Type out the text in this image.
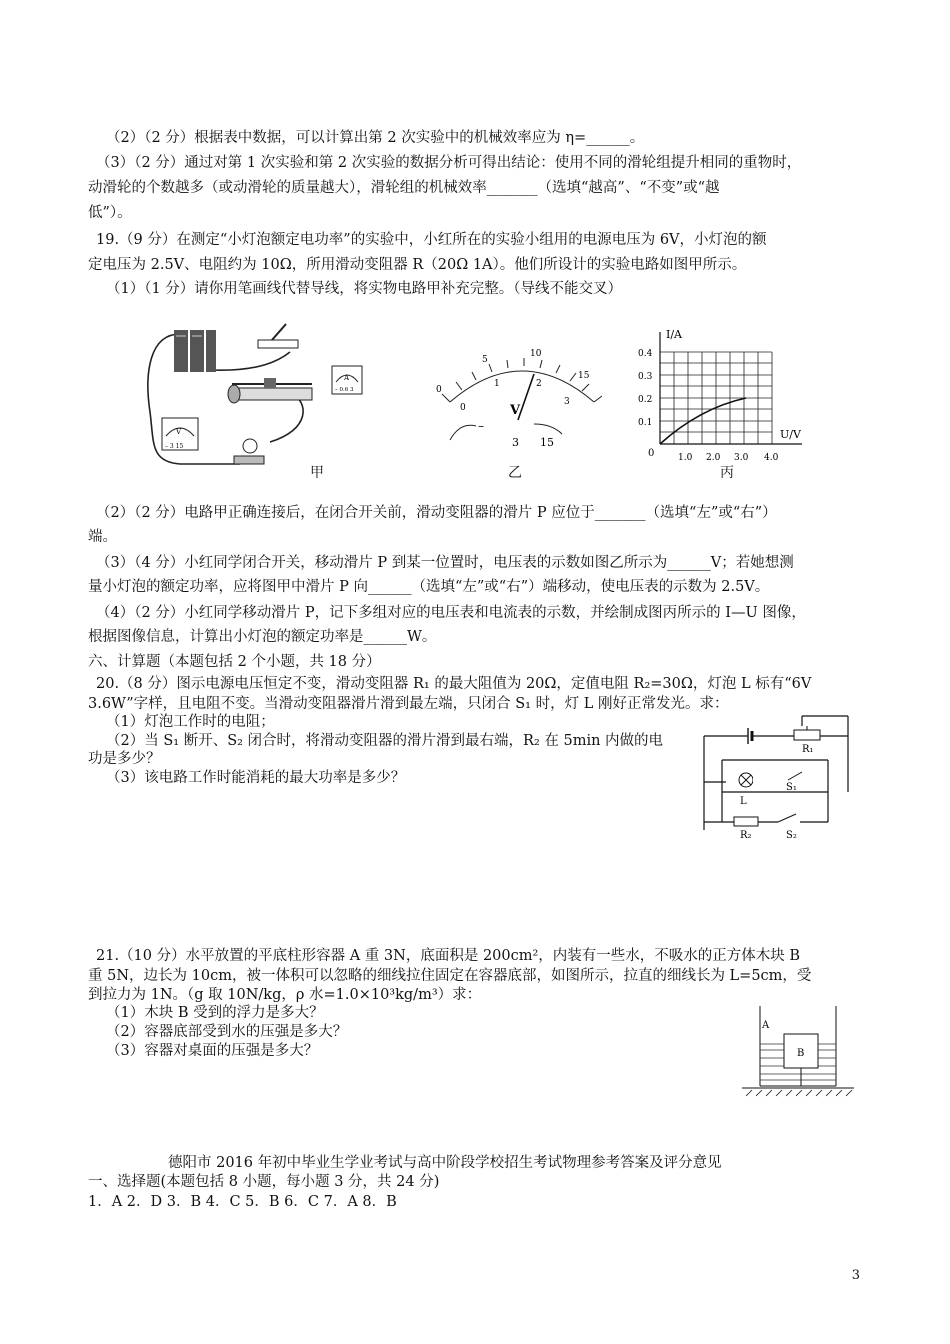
（2）（2 分）根据表中数据，可以计算出第 2 次实验中的机械效率应为 η=______。
（3）（2 分）通过对第 1 次实验和第 2 次实验的数据分析可得出结论：使用不同的滑轮组提升相同的重物时，
动滑轮的个数越多（或动滑轮的质量越大），滑轮组的机械效率_______（选填“越高”、“不变”或“越
低”）。
19.（9 分）在测定“小灯泡额定电功率”的实验中，小红所在的实验小组用的电源电压为 6V，小灯泡的额
定电压为 2.5V、电阻约为 10Ω，所用滑动变阻器 R（20Ω 1A）。他们所设计的实验电路如图甲所示。
（1）（1 分）请你用笔画线代替导线，将实物电路甲补充完整。（导线不能交叉）
V
– 3 15
A
– 0.6 3
甲
0
1	2
3
0
5
10
15
V
–
3 15
乙
I/A
U/V
0.4
0.3
0.2
0.1
0	1.0 2.0 3.0 4.0
丙
（2）（2 分）电路甲正确连接后，在闭合开关前，滑动变阻器的滑片 P 应位于_______（选填“左”或“右”）
端。
（3）（4 分）小红同学闭合开关，移动滑片 P 到某一位置时，电压表的示数如图乙所示为______V；若她想测
量小灯泡的额定功率，应将图甲中滑片 P 向______（选填“左”或“右”）端移动，使电压表的示数为 2.5V。
（4）（2 分）小红同学移动滑片 P，记下多组对应的电压表和电流表的示数，并绘制成图丙所示的 I—U 图像，
根据图像信息，计算出小灯泡的额定功率是______W。
六、计算题（本题包括 2 个小题，共 18 分）
20.（8 分）图示电源电压恒定不变，滑动变阻器 R₁ 的最大阻值为 20Ω，定值电阻 R₂=30Ω，灯泡 L 标有“6V
3.6W”字样，且电阻不变。当滑动变阻器滑片滑到最左端，只闭合 S₁ 时，灯 L 刚好正常发光。求：
（1）灯泡工作时的电阻；
（2）当 S₁ 断开、S₂ 闭合时，将滑动变阻器的滑片滑到最右端，R₂ 在 5min 内做的电
功是多少？
（3）该电路工作时能消耗的最大功率是多少？
R₁
L
S₁
R₂	S₂
21.（10 分）水平放置的平底柱形容器 A 重 3N，底面积是 200cm²，内装有一些水，不吸水的正方体木块 B
重 5N，边长为 10cm，被一体积可以忽略的细线拉住固定在容器底部，如图所示，拉直的细线长为 L=5cm，受
到拉力为 1N。（g 取 10N/kg，ρ 水=1.0×10³kg/m³）求：
（1）木块 B 受到的浮力是多大？
（2）容器底部受到水的压强是多大？
（3）容器对桌面的压强是多大？
A
B
德阳市 2016 年初中毕业生学业考试与高中阶段学校招生考试物理参考答案及评分意见
一、选择题(本题包括 8 小题，每小题 3 分，共 24 分)
1．A 2．D 3．B 4．C 5．B 6．C 7．A 8．B
3
